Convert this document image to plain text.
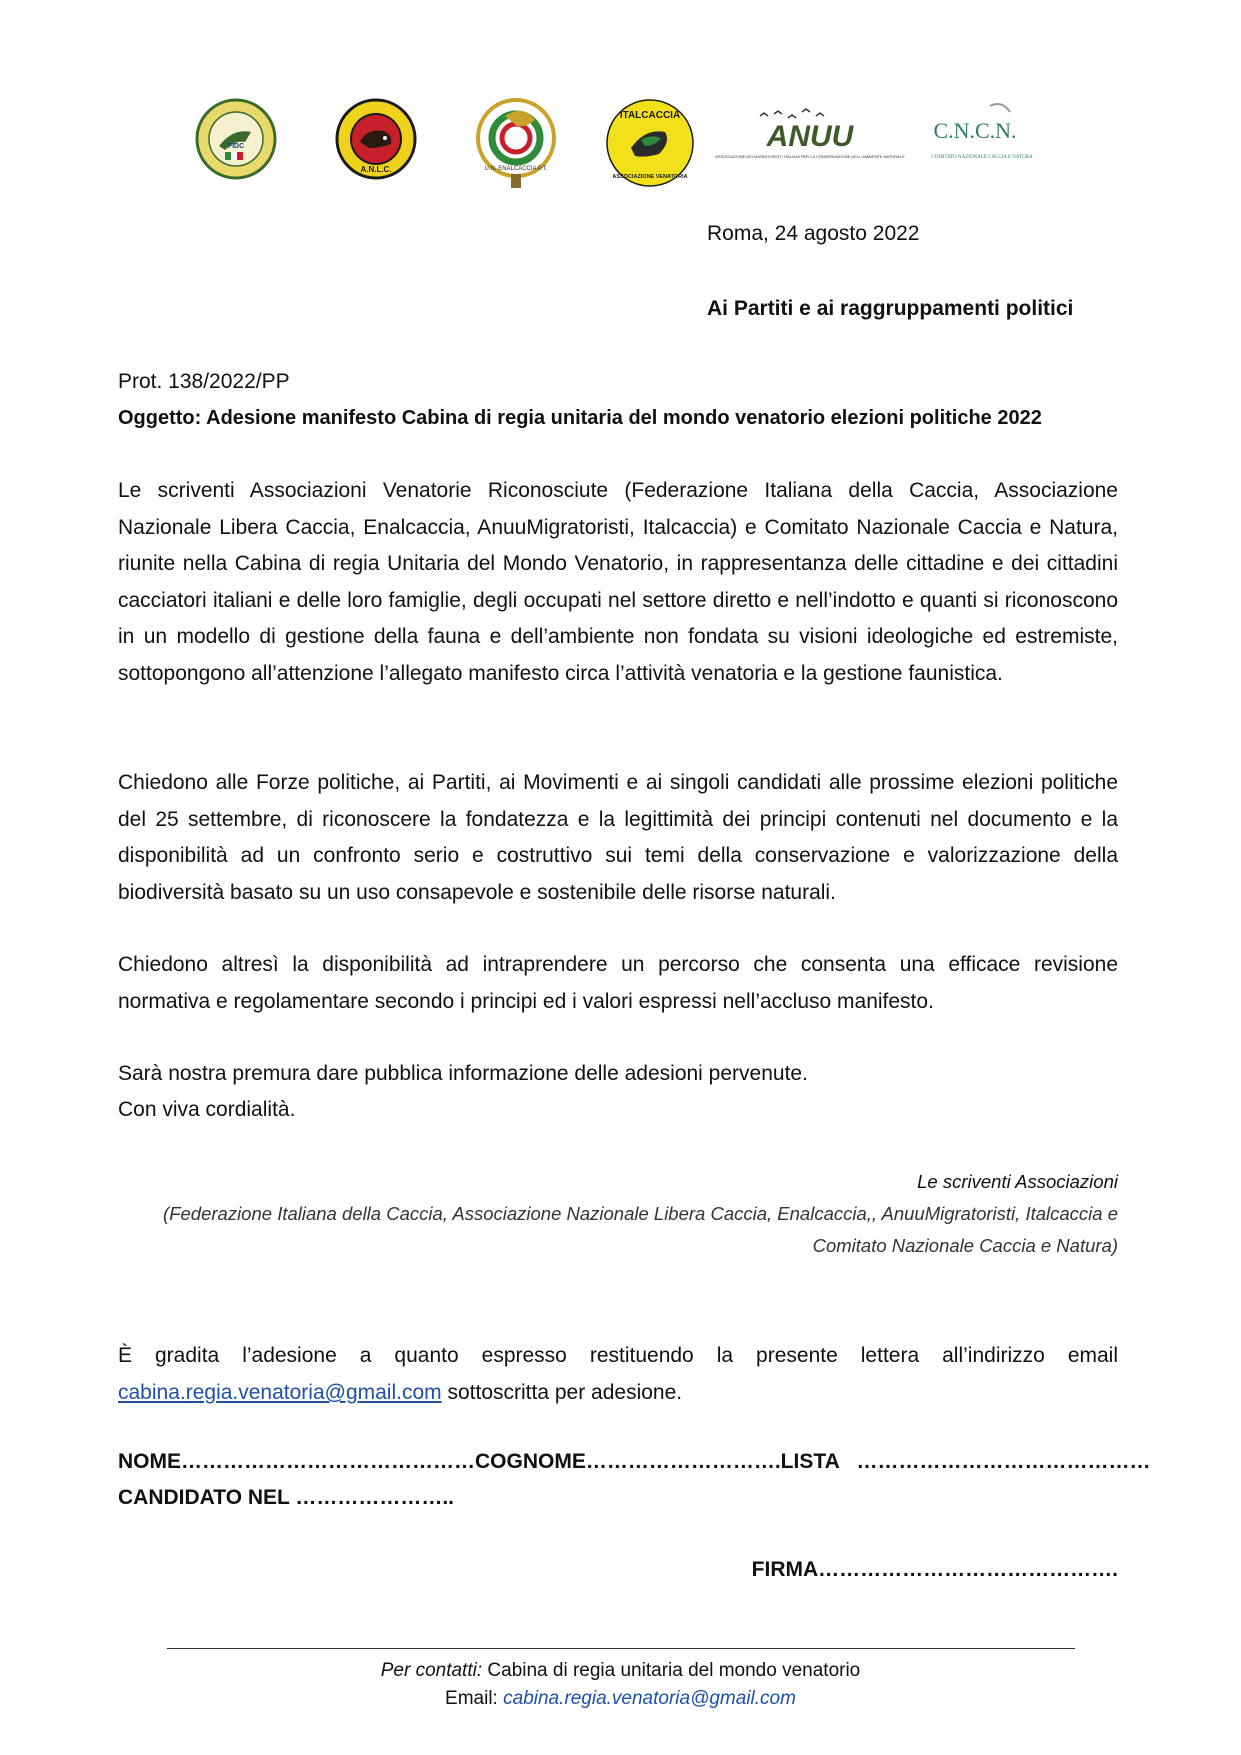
FIDC
A.N.L.C.	U.N. ENALCACCIA P.T.
ITALCACCIA
ASSOCIAZIONE VENATORIA
ANUU
ASSOCIAZIONE DEI MIGRATORISTI ITALIANI PER LA CONSERVAZIONE DELL'AMBIENTE NATURALE
C.N.C.N.
COMITATO NAZIONALE CACCIA E NATURA
Roma, 24 agosto 2022
Ai Partiti e ai raggruppamenti politici
Prot. 138/2022/PP
Oggetto: Adesione manifesto Cabina di regia unitaria del mondo venatorio elezioni politiche 2022
Le scriventi Associazioni Venatorie Riconosciute (Federazione Italiana della Caccia, Associazione Nazionale Libera Caccia, Enalcaccia, AnuuMigratoristi, Italcaccia) e Comitato Nazionale Caccia e Natura, riunite nella Cabina di regia Unitaria del Mondo Venatorio, in rappresentanza delle cittadine e dei cittadini cacciatori italiani e delle loro famiglie, degli occupati nel settore diretto e nell’indotto e quanti si riconoscono in un modello di gestione della fauna e dell’ambiente non fondata su visioni ideologiche ed estremiste, sottopongono all’attenzione l’allegato manifesto circa l’attività venatoria e la gestione faunistica.
Chiedono alle Forze politiche, ai Partiti, ai Movimenti e ai singoli candidati alle prossime elezioni politiche del 25 settembre, di riconoscere la fondatezza e la legittimità dei principi contenuti nel documento e la disponibilità ad un confronto serio e costruttivo sui temi della conservazione e valorizzazione della biodiversità basato su un uso consapevole e sostenibile delle risorse naturali.
Chiedono altresì la disponibilità ad intraprendere un percorso che consenta una efficace revisione normativa e regolamentare secondo i principi ed i valori espressi nell’accluso manifesto.
Sarà nostra premura dare pubblica informazione delle adesioni pervenute.
Con viva cordialità.
Le scriventi Associazioni
(Federazione Italiana della Caccia, Associazione Nazionale Libera Caccia, Enalcaccia,, AnuuMigratoristi, Italcaccia e
Comitato Nazionale Caccia e Natura)
È gradita l’adesione a quanto espresso restituendo la presente lettera all’indirizzo email cabina.regia.venatoria@gmail.com sottoscritta per adesione.
NOME…………………………………… COGNOME………………………. LISTA   ……………………………………
CANDIDATO NEL …………………..
FIRMA…………………………………….
Per contatti: Cabina di regia unitaria del mondo venatorio
Email: cabina.regia.venatoria@gmail.com
